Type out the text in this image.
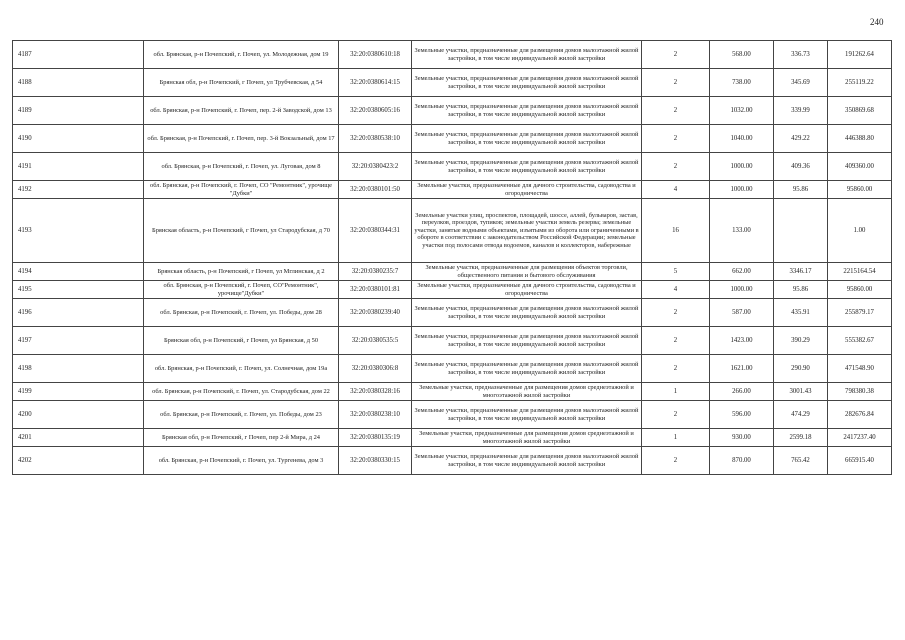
240
4187	обл. Брянская, р-н Почепский, г. Почеп, ул. Молодежная, дом 19	32:20:0380610:18	Земельные участки, предназначенные для размещения домов малоэтажной жилой застройки, в том числе индивидуальной жилой застройки	2	568.00	336.73	191262.64
4188	Брянская обл, р-н Почепский, г Почеп, ул Трубчевская, д 54	32:20:0380614:15	Земельные участки, предназначенные для размещения домов малоэтажной жилой застройки, в том числе индивидуальной жилой застройки	2	738.00	345.69	255119.22
4189	обл. Брянская, р-н Почепский, г. Почеп, пер. 2-й Заводской, дом 13	32:20:0380605:16	Земельные участки, предназначенные для размещения домов малоэтажной жилой застройки, в том числе индивидуальной жилой застройки	2	1032.00	339.99	350869.68
4190	обл. Брянская, р-н Почепский, г. Почеп, пер. 3-й Вокзальный, дом 17	32:20:0380538:10	Земельные участки, предназначенные для размещения домов малоэтажной жилой застройки, в том числе индивидуальной жилой застройки	2	1040.00	429.22	446388.80
4191	обл. Брянская, р-н Почепский, г. Почеп, ул. Луговая, дом 8	32:20:0380423:2	Земельные участки, предназначенные для размещения домов малоэтажной жилой застройки, в том числе индивидуальной жилой застройки	2	1000.00	409.36	409360.00
4192	обл. Брянская, р-н Почепский, г. Почеп, СО "Ремонтник", урочище "Дубки"	32:20:0380101:50	Земельные участки, предназначенные для дачного строительства, садоводства и огородничества	4	1000.00	95.86	95860.00
4193	Брянская область, р-н Почепский, г Почеп, ул Стародубская, д 70	32:20:0380344:31	Земельные участки улиц, проспектов, площадей, шоссе, аллей, бульваров, застав, переулков, проездов, тупиков; земельные участки земель резерва; земельные участки, занятые водными объектами, изъятыми из оборота или ограниченными в обороте в соответствии с законодательством Российской Федерации; земельные участки под полосами отвода водоемов, каналов и коллекторов, набережные	16	133.00		1.00
4194	Брянская область, р-н Почепский, г Почеп, ул Мглинская, д 2	32:20:0380235:7	Земельные участки, предназначенные для размещения объектов торговли, общественного питания и бытового обслуживания	5	662.00	3346.17	2215164.54
4195	обл. Брянская, р-н Почепский, г. Почеп, СО"Ремонтник", урочище"Дубки"	32:20:0380101:81	Земельные участки, предназначенные для дачного строительства, садоводства и огородничества	4	1000.00	95.86	95860.00
4196	обл. Брянская, р-н Почепский, г. Почеп, ул. Победы, дом 28	32:20:0380239:40	Земельные участки, предназначенные для размещения домов малоэтажной жилой застройки, в том числе индивидуальной жилой застройки	2	587.00	435.91	255879.17
4197	Брянская обл, р-н Почепский, г Почеп, ул Брянская, д 50	32:20:0380535:5	Земельные участки, предназначенные для размещения домов малоэтажной жилой застройки, в том числе индивидуальной жилой застройки	2	1423.00	390.29	555382.67
4198	обл. Брянская, р-н Почепский, г. Почеп, ул. Солнечная, дом 19а	32:20:0380306:8	Земельные участки, предназначенные для размещения домов малоэтажной жилой застройки, в том числе индивидуальной жилой застройки	2	1621.00	290.90	471548.90
4199	обл. Брянская, р-н Почепский, г. Почеп, ул. Стародубская, дом 22	32:20:0380328:16	Земельные участки, предназначенные для размещения домов среднеэтажной и многоэтажной жилой застройки	1	266.00	3001.43	798380.38
4200	обл. Брянская, р-н Почепский, г. Почеп, ул. Победы, дом 23	32:20:0380238:10	Земельные участки, предназначенные для размещения домов малоэтажной жилой застройки, в том числе индивидуальной жилой застройки	2	596.00	474.29	282676.84
4201	Брянская обл, р-н Почепский, г Почеп, пер 2-й Мира, д 24	32:20:0380135:19	Земельные участки, предназначенные для размещения домов среднеэтажной и многоэтажной жилой застройки	1	930.00	2599.18	2417237.40
4202	обл. Брянская, р-н Почепский, г. Почеп, ул. Тургенева, дом 3	32:20:0380330:15	Земельные участки, предназначенные для размещения домов малоэтажной жилой застройки, в том числе индивидуальной жилой застройки	2	870.00	765.42	665915.40
